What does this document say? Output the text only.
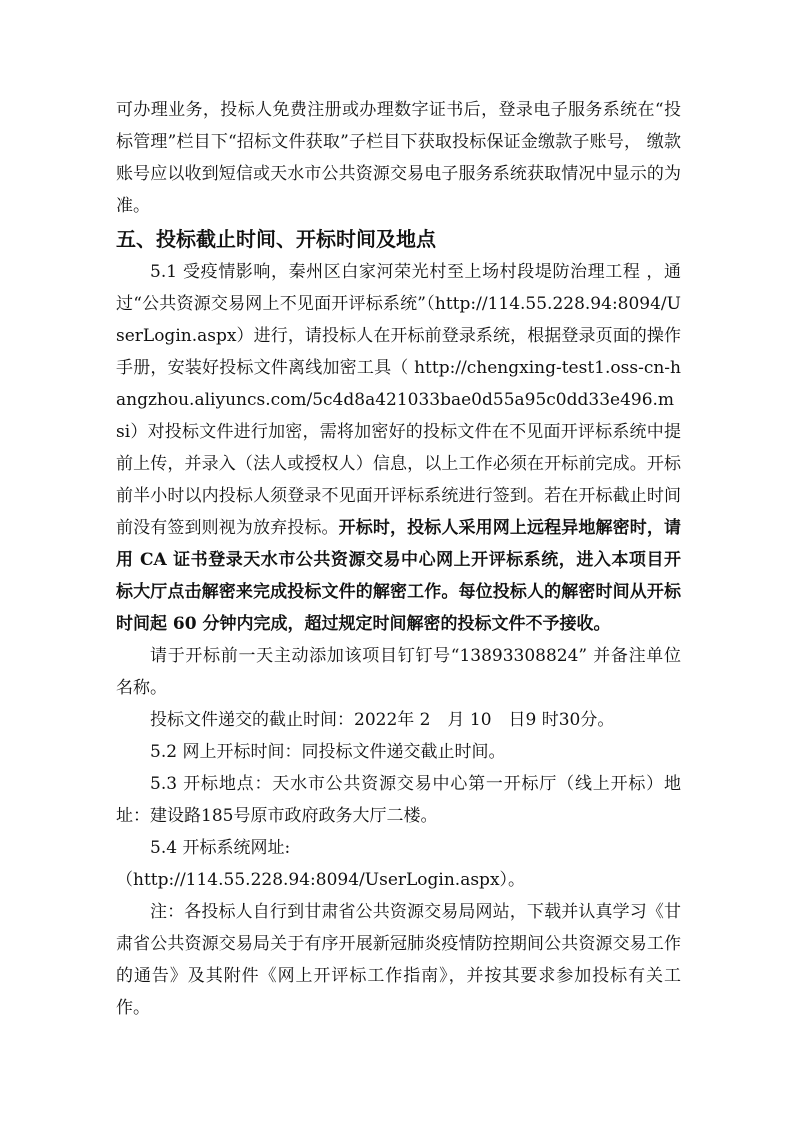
可办理业务，投标人免费注册或办理数字证书后，登录电子服务系统在“投标管理”栏目下“招标文件获取”子栏目下获取投标保证金缴款子账号， 缴款账号应以收到短信或天水市公共资源交易电子服务系统获取情况中显示的为准。

五、投标截止时间、开标时间及地点

5.1 受疫情影响，秦州区白家河荣光村至上场村段堤防治理工程 ，通过“公共资源交易网上不见面开评标系统”（http://114.55.228.94:8094/UserLogin.aspx）进行，请投标人在开标前登录系统，根据登录页面的操作手册，安装好投标文件离线加密工具（ http://chengxing-test1.oss-cn-hangzhou.aliyuncs.com/5c4d8a421033bae0d55a95c0dd33e496.msi）对投标文件进行加密，需将加密好的投标文件在不见面开评标系统中提前上传，并录入（法人或授权人）信息，以上工作必须在开标前完成。开标前半小时以内投标人须登录不见面开评标系统进行签到。若在开标截止时间前没有签到则视为放弃投标。开标时，投标人采用网上远程异地解密时，请用 CA 证书登录天水市公共资源交易中心网上开评标系统，进入本项目开标大厅点击解密来完成投标文件的解密工作。每位投标人的解密时间从开标时间起 60 分钟内完成，超过规定时间解密的投标文件不予接收。

请于开标前一天主动添加该项目钉钉号“13893308824” 并备注单位名称。

投标文件递交的截止时间：2022年 2　月 10　日9 时30分。

5.2 网上开标时间：同投标文件递交截止时间。

5.3 开标地点：天水市公共资源交易中心第一开标厅（线上开标）地址：建设路185号原市政府政务大厅二楼。

5.4 开标系统网址:

（http://114.55.228.94:8094/UserLogin.aspx）。

注：各投标人自行到甘肃省公共资源交易局网站，下载并认真学习《甘肃省公共资源交易局关于有序开展新冠肺炎疫情防控期间公共资源交易工作的通告》及其附件《网上开评标工作指南》，并按其要求参加投标有关工作。
